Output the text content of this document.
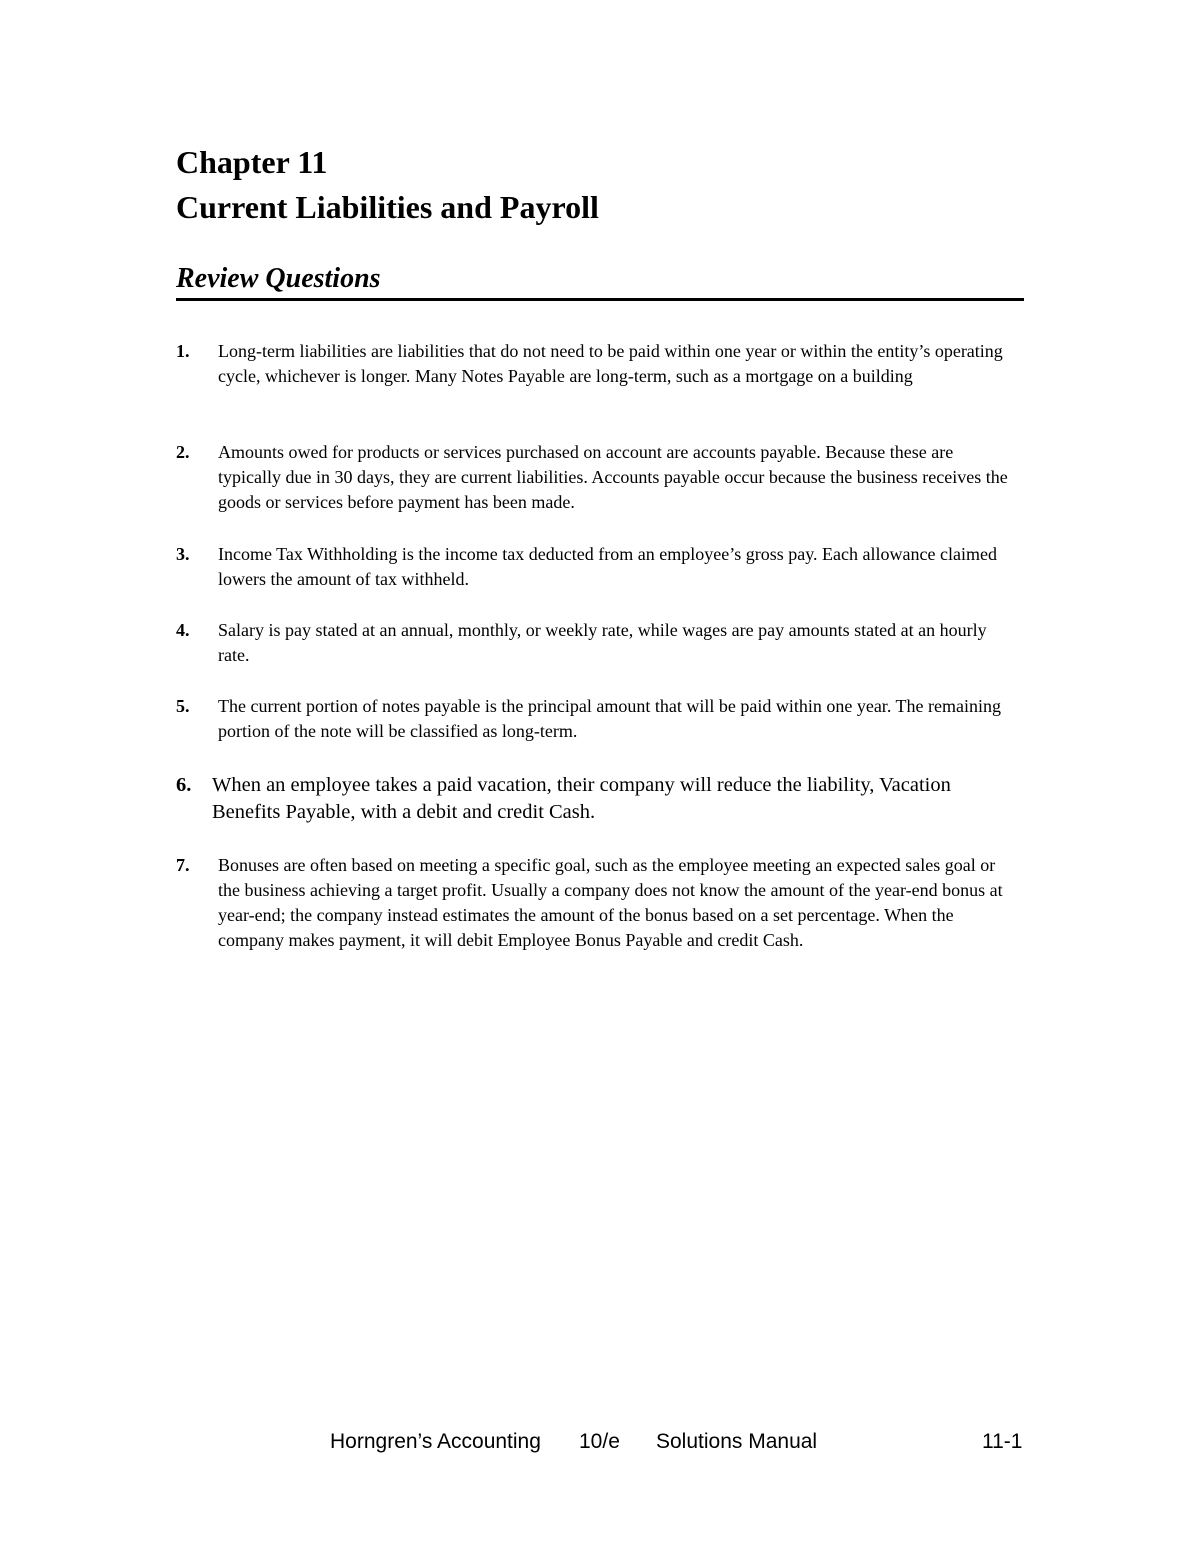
Chapter 11
Current Liabilities and Payroll
Review Questions
1. Long-term liabilities are liabilities that do not need to be paid within one year or within the entity’s operating cycle, whichever is longer. Many Notes Payable are long-term, such as a mortgage on a building
2. Amounts owed for products or services purchased on account are accounts payable. Because these are typically due in 30 days, they are current liabilities. Accounts payable occur because the business receives the goods or services before payment has been made.
3. Income Tax Withholding is the income tax deducted from an employee’s gross pay. Each allowance claimed lowers the amount of tax withheld.
4. Salary is pay stated at an annual, monthly, or weekly rate, while wages are pay amounts stated at an hourly rate.
5. The current portion of notes payable is the principal amount that will be paid within one year. The remaining portion of the note will be classified as long-term.
6. When an employee takes a paid vacation, their company will reduce the liability, Vacation Benefits Payable, with a debit and credit Cash.
7. Bonuses are often based on meeting a specific goal, such as the employee meeting an expected sales goal or the business achieving a target profit. Usually a company does not know the amount of the year-end bonus at year-end; the company instead estimates the amount of the bonus based on a set percentage. When the company makes payment, it will debit Employee Bonus Payable and credit Cash.
Horngren’s Accounting 10/e Solutions Manual	11-1
